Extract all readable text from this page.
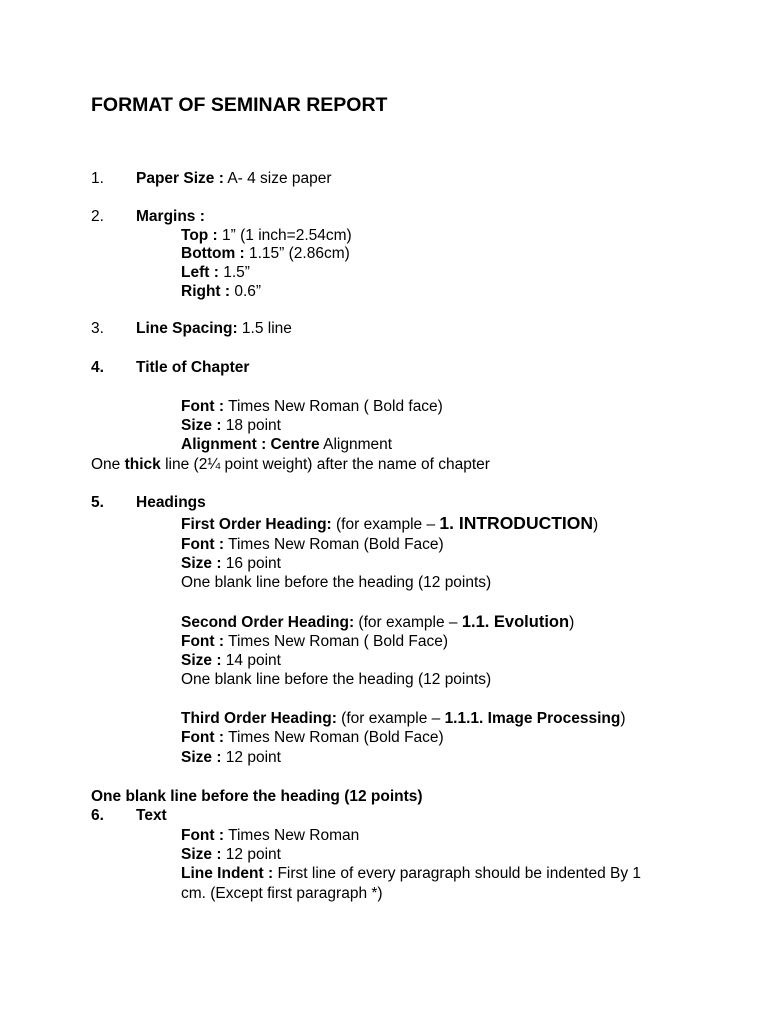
FORMAT OF SEMINAR REPORT
1. Paper Size : A- 4 size paper
2. Margins :
Top : 1” (1 inch=2.54cm)
Bottom : 1.15” (2.86cm)
Left : 1.5”
Right : 0.6”
3. Line Spacing: 1.5 line
4. Title of Chapter
Font : Times New Roman ( Bold face)
Size : 18 point
Alignment : Centre Alignment
One thick line (2¼ point weight) after the name of chapter
5. Headings
First Order Heading: (for example – 1. INTRODUCTION)
Font : Times New Roman (Bold Face)
Size : 16 point
One blank line before the heading (12 points)
Second Order Heading: (for example – 1.1. Evolution)
Font : Times New Roman ( Bold Face)
Size : 14 point
One blank line before the heading (12 points)
Third Order Heading: (for example – 1.1.1. Image Processing)
Font : Times New Roman (Bold Face)
Size : 12 point
One blank line before the heading (12 points)
6. Text
Font : Times New Roman
Size : 12 point
Line Indent : First line of every paragraph should be indented By 1
cm. (Except first paragraph *)
